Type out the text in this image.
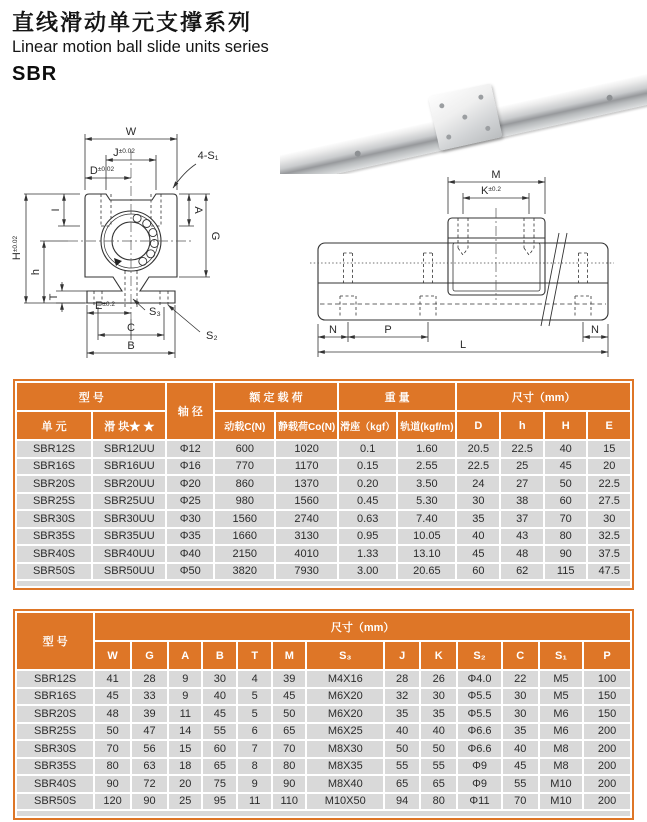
直线滑动单元支撑系列
Linear motion ball slide units series
SBR
W
$J^{\pm 0.02}$
$D^{\pm 0.02}$
4-S₁
$H^{\pm 0.02}$
h
I	A
G
T
$E^{\pm 0.2}$
S₃
C
B
S₂
M
$K^{\pm 0.2}$
N	P	N
L
型 号		轴 径	额 定 载 荷		重 量		尺寸（mm）			
单 元	滑 块★ ★		动载C(N)	静载荷Co(N)	滑座（kgf）	轨道(kgf/m)	D	h	H	E
SBR12S	SBR12UU	Φ12	600	1020	0.1	1.60	20.5	22.5	40	15
SBR16S	SBR16UU	Φ16	770	1170	0.15	2.55	22.5	25	45	20
SBR20S	SBR20UU	Φ20	860	1370	0.20	3.50	24	27	50	22.5
SBR25S	SBR25UU	Φ25	980	1560	0.45	5.30	30	38	60	27.5
SBR30S	SBR30UU	Φ30	1560	2740	0.63	7.40	35	37	70	30
SBR35S	SBR35UU	Φ35	1660	3130	0.95	10.05	40	43	80	32.5
SBR40S	SBR40UU	Φ40	2150	4010	1.33	13.10	45	48	90	37.5
SBR50S	SBR50UU	Φ50	3820	7930	3.00	20.65	60	62	115	47.5
型 号	尺寸（mm）												
	W	G	A	B	T	M	S₃	J	K	S₂	C	S₁	P
SBR12S	41	28	9	30	4	39	M4X16	28	26	Φ4.0	22	M5	100
SBR16S	45	33	9	40	5	45	M6X20	32	30	Φ5.5	30	M5	150
SBR20S	48	39	11	45	5	50	M6X20	35	35	Φ5.5	30	M6	150
SBR25S	50	47	14	55	6	65	M6X25	40	40	Φ6.6	35	M6	200
SBR30S	70	56	15	60	7	70	M8X30	50	50	Φ6.6	40	M8	200
SBR35S	80	63	18	65	8	80	M8X35	55	55	Φ9	45	M8	200
SBR40S	90	72	20	75	9	90	M8X40	65	65	Φ9	55	M10	200
SBR50S	120	90	25	95	11	110	M10X50	94	80	Φ11	70	M10	200
